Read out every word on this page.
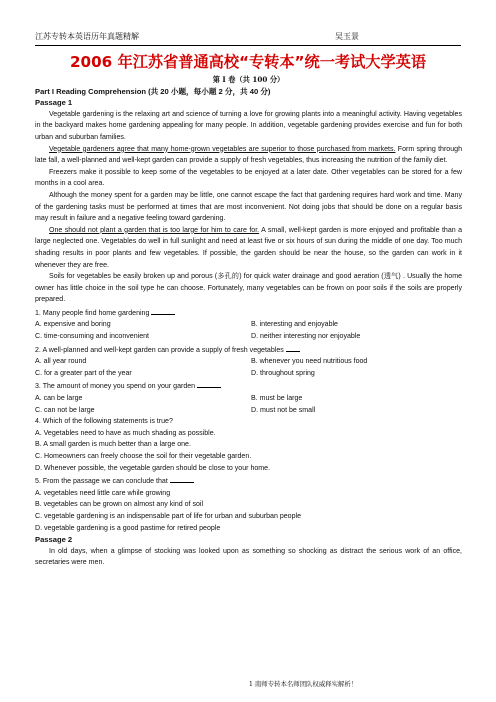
江苏专转本英语历年真题精解	吴玉景
2006 年江苏省普通高校“专转本”统一考试大学英语

第 I 卷（共 100 分）

Part I Reading Comprehension (共 20 小题，每小题 2 分，共 40 分)

Passage 1

Vegetable gardening is the relaxing art and science of turning a love for growing plants into a meaningful activity. Having vegetables in the backyard makes home gardening appealing for many people. In addition, vegetable gardening provides exercise and fun for both urban and suburban families.

Vegetable gardeners agree that many home-grown vegetables are superior to those purchased from markets. Form spring through late fall, a well-planned and well-kept garden can provide a supply of fresh vegetables, thus increasing the nutrition of the family diet.

Freezers make it possible to keep some of the vegetables to be enjoyed at a later date. Other vegetables can be stored for a few months in a cool area.

Although the money spent for a garden may be little, one cannot escape the fact that gardening requires hard work and time. Many of the gardening tasks must be performed at times that are most inconvenient. Not doing jobs that should be done on a regular basis may result in failure and a negative feeling toward gardening.

One should not plant a garden that is too large for him to care for. A small, well-kept garden is more enjoyed and profitable than a large neglected one. Vegetables do well in full sunlight and need at least five or six hours of sun during the middle of one day. Too much shading results in poor plants and few vegetables. If possible, the garden should be near the house, so the garden can work in it whenever they are free.

Soils for vegetables be easily broken up and porous (多孔的) for quick water drainage and good aeration (透气) . Usually the home owner has little choice in the soil type he can choose. Fortunately, many vegetables can be frown on poor soils if the soils are properly prepared.

1. Many people find home gardening

A. expensive and boring	B. interesting and enjoyable
C. time-consuming and inconvenient	D. neither interesting nor enjoyable

2. A well-planned and well-kept garden can provide a supply of fresh vegetables

A. all year round	B. whenever you need nutritious food
C. for a greater part of the year	D. throughout spring

3. The amount of money you spend on your garden

A. can be large	B. must be large
C. can not be large	D. must not be small

4. Which of the following statements is true?

A. Vegetables need to have as much shading as possible.

B. A small garden is much better than a large one.

C. Homeowners can freely choose the soil for their vegetable garden.

D. Whenever possible, the vegetable garden should be close to your home.

5. From the passage we can conclude that

A. vegetables need little care while growing

B. vegetables can be grown on almost any kind of soil

C. vegetable gardening is an indispensable part of life for urban and suburban people

D. vegetable gardening is a good pastime for retired people

Passage 2

In old days, when a glimpse of stocking was looked upon as something so shocking as distract the serious work of an office, secretaries were men.

1 南师专转本名师团队权威释实解析！
